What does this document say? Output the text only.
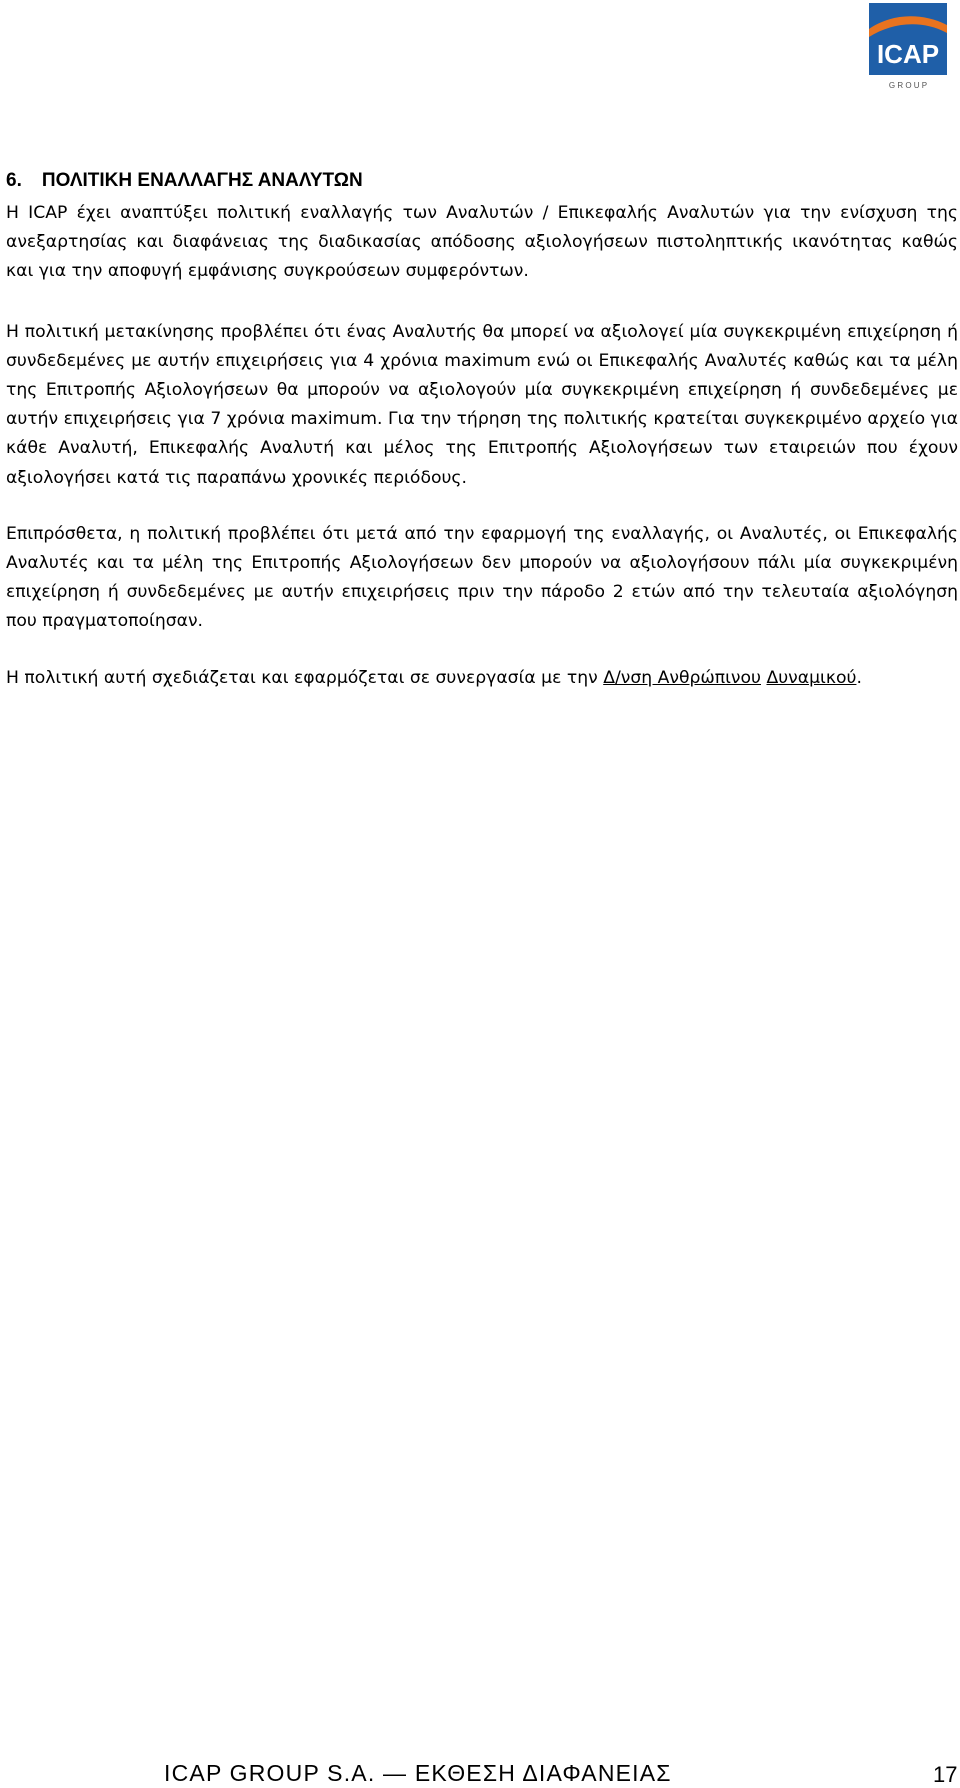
ICAP
G R O U P
6. ΠΟΛΙΤΙΚΗ ΕΝΑΛΛΑΓΗΣ ΑΝΑΛΥΤΩΝ

Η ICAP έχει αναπτύξει πολιτική εναλλαγής των Αναλυτών / Επικεφαλής Αναλυτών για την ενίσχυση της ανεξαρτησίας και διαφάνειας της διαδικασίας απόδοσης αξιολογήσεων πιστοληπτικής ικανότητας καθώς και για την αποφυγή εμφάνισης συγκρούσεων συμφερόντων.

Η πολιτική μετακίνησης προβλέπει ότι ένας Αναλυτής θα μπορεί να αξιολογεί μία συγκεκριμένη επιχείρηση ή συνδεδεμένες με αυτήν επιχειρήσεις για 4 χρόνια maximum ενώ οι Επικεφαλής Αναλυτές καθώς και τα μέλη της Επιτροπής Αξιολογήσεων θα μπορούν να αξιολογούν μία συγκεκριμένη επιχείρηση ή συνδεδεμένες με αυτήν επιχειρήσεις για 7 χρόνια maximum. Για την τήρηση της πολιτικής κρατείται συγκεκριμένο αρχείο για κάθε Αναλυτή, Επικεφαλής Αναλυτή και μέλος της Επιτροπής Αξιολογήσεων των εταιρειών που έχουν αξιολογήσει κατά τις παραπάνω χρονικές περιόδους.

Επιπρόσθετα, η πολιτική προβλέπει ότι μετά από την εφαρμογή της εναλλαγής, οι Αναλυτές, οι Επικεφαλής Αναλυτές και τα μέλη της Επιτροπής Αξιολογήσεων δεν μπορούν να αξιολογήσουν πάλι μία συγκεκριμένη επιχείρηση ή συνδεδεμένες με αυτήν επιχειρήσεις πριν την πάροδο 2 ετών από την τελευταία αξιολόγηση που πραγματοποίησαν.

Η πολιτική αυτή σχεδιάζεται και εφαρμόζεται σε συνεργασία με την Δ/νση Ανθρώπινου Δυναμικού.

ICAP GROUP S.A. — ΕΚΘΕΣΗ ΔΙΑΦΑΝΕΙΑΣ	17
